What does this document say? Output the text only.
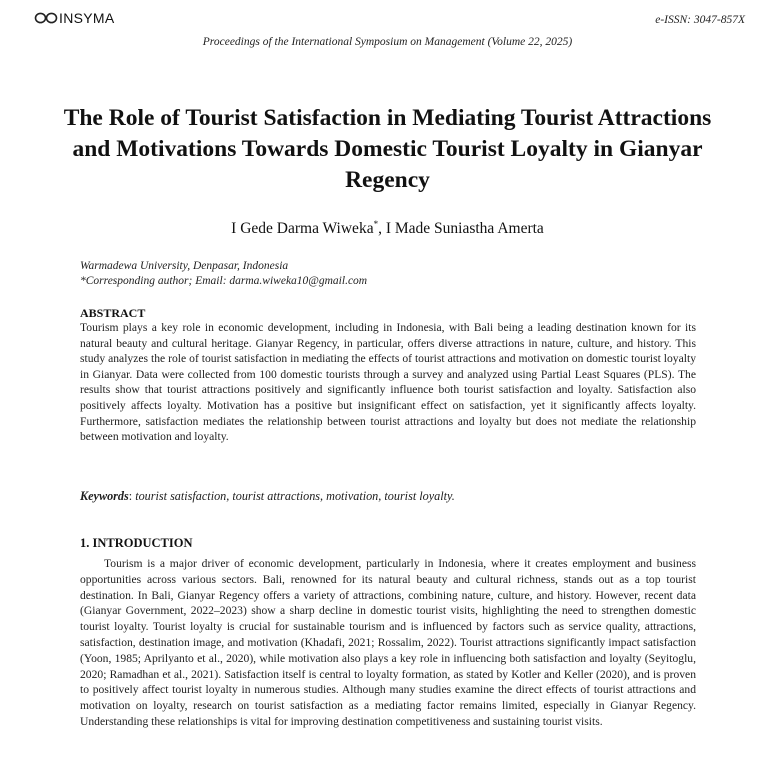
INSYMA	e-ISSN: 3047-857X
Proceedings of the International Symposium on Management (Volume 22, 2025)
The Role of Tourist Satisfaction in Mediating Tourist Attractions and Motivations Towards Domestic Tourist Loyalty in Gianyar Regency
I Gede Darma Wiweka*, I Made Suniastha Amerta
Warmadewa University, Denpasar, Indonesia
*Corresponding author; Email: darma.wiweka10@gmail.com
ABSTRACT

Tourism plays a key role in economic development, including in Indonesia, with Bali being a leading destination known for its natural beauty and cultural heritage. Gianyar Regency, in particular, offers diverse attractions in nature, culture, and history. This study analyzes the role of tourist satisfaction in mediating the effects of tourist attractions and motivation on domestic tourist loyalty in Gianyar. Data were collected from 100 domestic tourists through a survey and analyzed using Partial Least Squares (PLS). The results show that tourist attractions positively and significantly influence both tourist satisfaction and loyalty. Satisfaction also positively affects loyalty. Motivation has a positive but insignificant effect on satisfaction, yet it significantly affects loyalty. Furthermore, satisfaction mediates the relationship between tourist attractions and loyalty but does not mediate the relationship between motivation and loyalty.

Keywords: tourist satisfaction, tourist attractions, motivation, tourist loyalty.
1. INTRODUCTION

Tourism is a major driver of economic development, particularly in Indonesia, where it creates employment and business opportunities across various sectors. Bali, renowned for its natural beauty and cultural richness, stands out as a top tourist destination. In Bali, Gianyar Regency offers a variety of attractions, combining nature, culture, and history. However, recent data (Gianyar Government, 2022–2023) show a sharp decline in domestic tourist visits, highlighting the need to strengthen domestic tourist loyalty. Tourist loyalty is crucial for sustainable tourism and is influenced by factors such as service quality, attractions, satisfaction, destination image, and motivation (Khadafi, 2021; Rossalim, 2022). Tourist attractions significantly impact satisfaction (Yoon, 1985; Aprilyanto et al., 2020), while motivation also plays a key role in influencing both satisfaction and loyalty (Seyitoglu, 2020; Ramadhan et al., 2021). Satisfaction itself is central to loyalty formation, as stated by Kotler and Keller (2020), and is proven to positively affect tourist loyalty in numerous studies. Although many studies examine the direct effects of tourist attractions and motivation on loyalty, research on tourist satisfaction as a mediating factor remains limited, especially in Gianyar Regency. Understanding these relationships is vital for improving destination competitiveness and sustaining tourist visits.
